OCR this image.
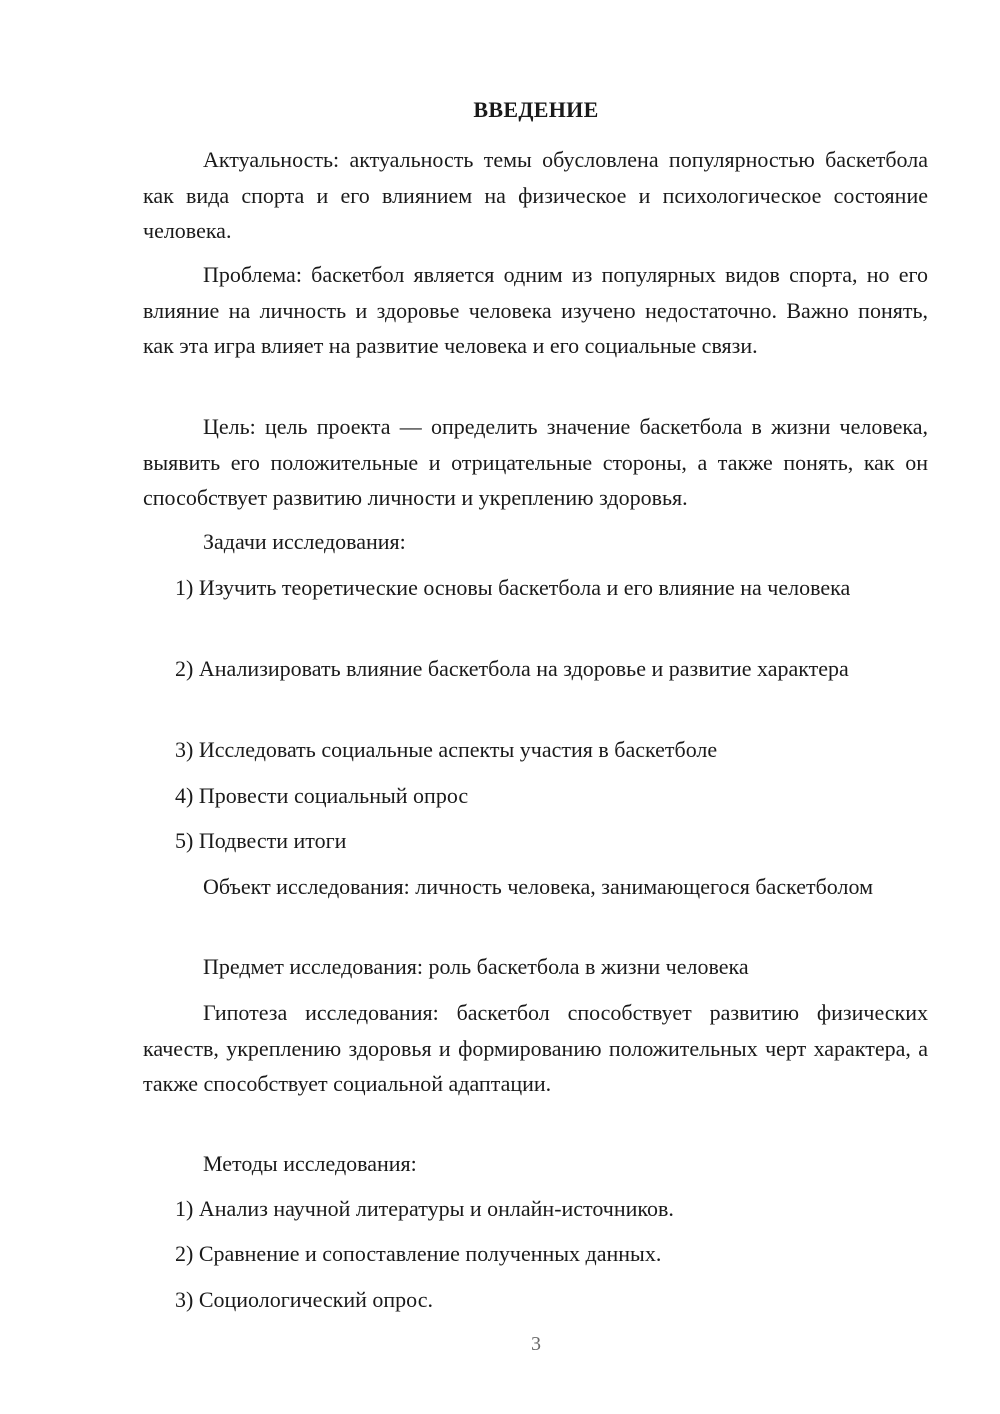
ВВЕДЕНИЕ

Актуальность: актуальность темы обусловлена популярностью баскетбола как вида спорта и его влиянием на физическое и психологическое состояние человека.

Проблема: баскетбол является одним из популярных видов спорта, но его влияние на личность и здоровье человека изучено недостаточно. Важно понять, как эта игра влияет на развитие человека и его социальные связи.

Цель: цель проекта — определить значение баскетбола в жизни человека, выявить его положительные и отрицательные стороны, а также понять, как он способствует развитию личности и укреплению здоровья.

Задачи исследования:

1) Изучить теоретические основы баскетбола и его влияние на человека

2) Анализировать влияние баскетбола на здоровье и развитие характера

3) Исследовать социальные аспекты участия в баскетболе

4) Провести социальный опрос

5) Подвести итоги

Объект исследования: личность человека, занимающегося баскетболом

Предмет исследования: роль баскетбола в жизни человека

Гипотеза исследования: баскетбол способствует развитию физических качеств, укреплению здоровья и формированию положительных черт характера, а также способствует социальной адаптации.

Методы исследования:

1) Анализ научной литературы и онлайн-источников.

2) Сравнение и сопоставление полученных данных.

3) Социологический опрос.

3
